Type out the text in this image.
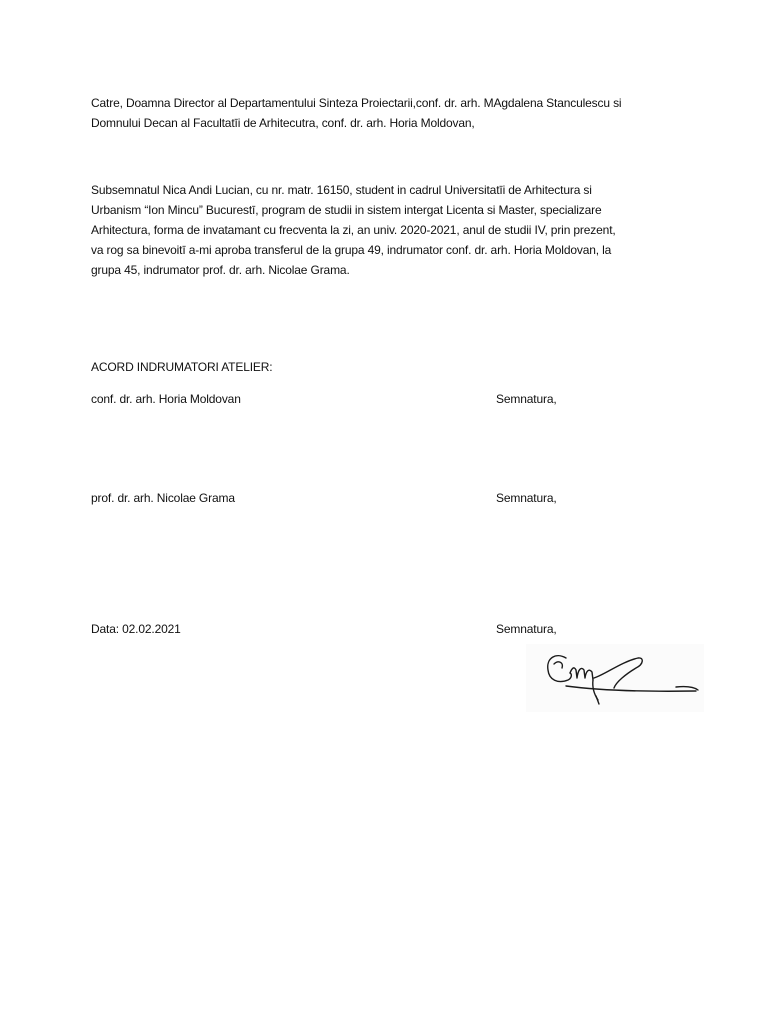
Catre, Doamna Director al Departamentului Sinteza Proiectarii,conf. dr. arh. MAgdalena Stanculescu si
Domnului Decan al Facultatīi de Arhitecutra, conf. dr. arh. Horia Moldovan,
Subsemnatul Nica Andi Lucian, cu nr. matr. 16150, student in cadrul Universitatīi de Arhitectura si
Urbanism “Ion Mincu” Bucurestī, program de studii in sistem intergat Licenta si Master, specializare
Arhitectura, forma de invatamant cu frecventa la zi, an univ. 2020-2021, anul de studii IV, prin prezent,
va rog sa binevoitī a-mi aproba transferul de la grupa 49, indrumator conf. dr. arh. Horia Moldovan, la
grupa 45, indrumator prof. dr. arh. Nicolae Grama.
ACORD INDRUMATORI ATELIER:
conf. dr. arh. Horia Moldovan	Semnatura,
prof. dr. arh. Nicolae Grama	Semnatura,
Data: 02.02.2021	Semnatura,
